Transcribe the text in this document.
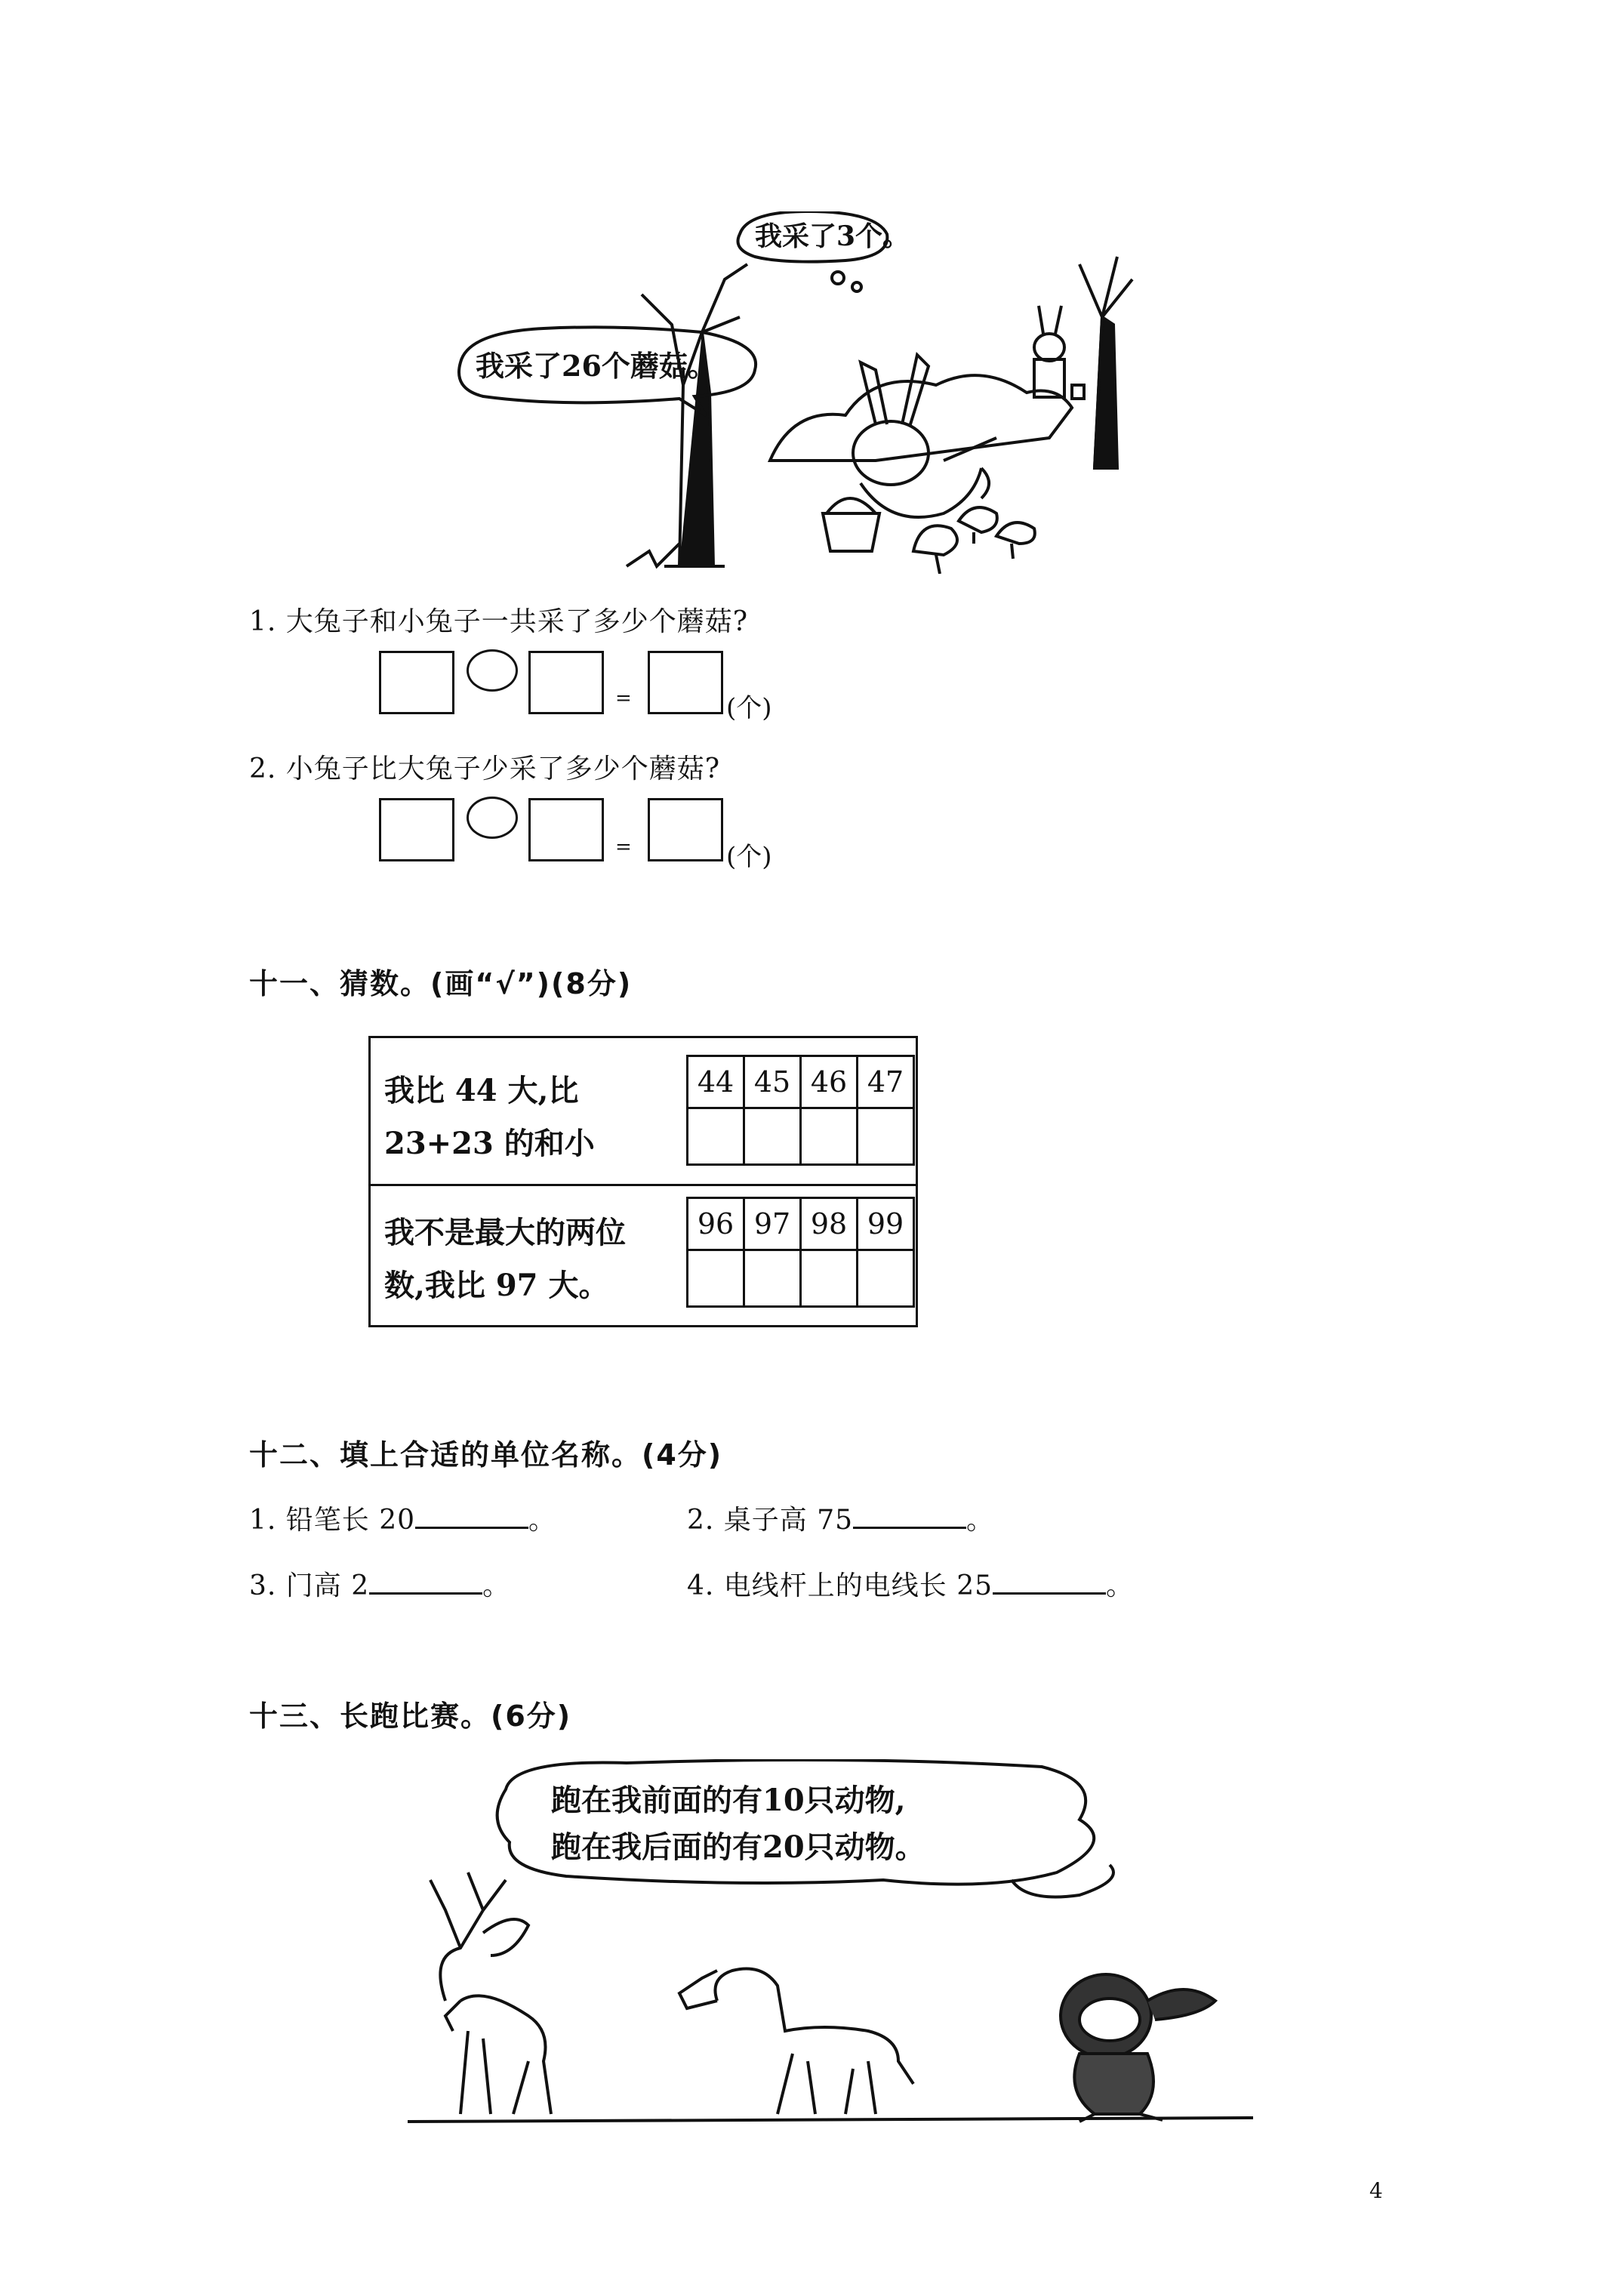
我采了26个蘑菇。
我采了3个。
1. 大兔子和小兔子一共采了多少个蘑菇?
=	(个)
2. 小兔子比大兔子少采了多少个蘑菇?
=	(个)
十一、猜数。(画“√”)(8分)
我比 44 大,比
23+23 的和小
44	45	46	47

我不是最大的两位
数,我比 97 大。
96	97	98	99

十二、填上合适的单位名称。(4分)
1. 铅笔长 20	。	2. 桌子高 75	。
3. 门高 2	。	4. 电线杆上的电线长 25	。
十三、长跑比赛。(6分)
跑在我前面的有10只动物,
跑在我后面的有20只动物。
4
